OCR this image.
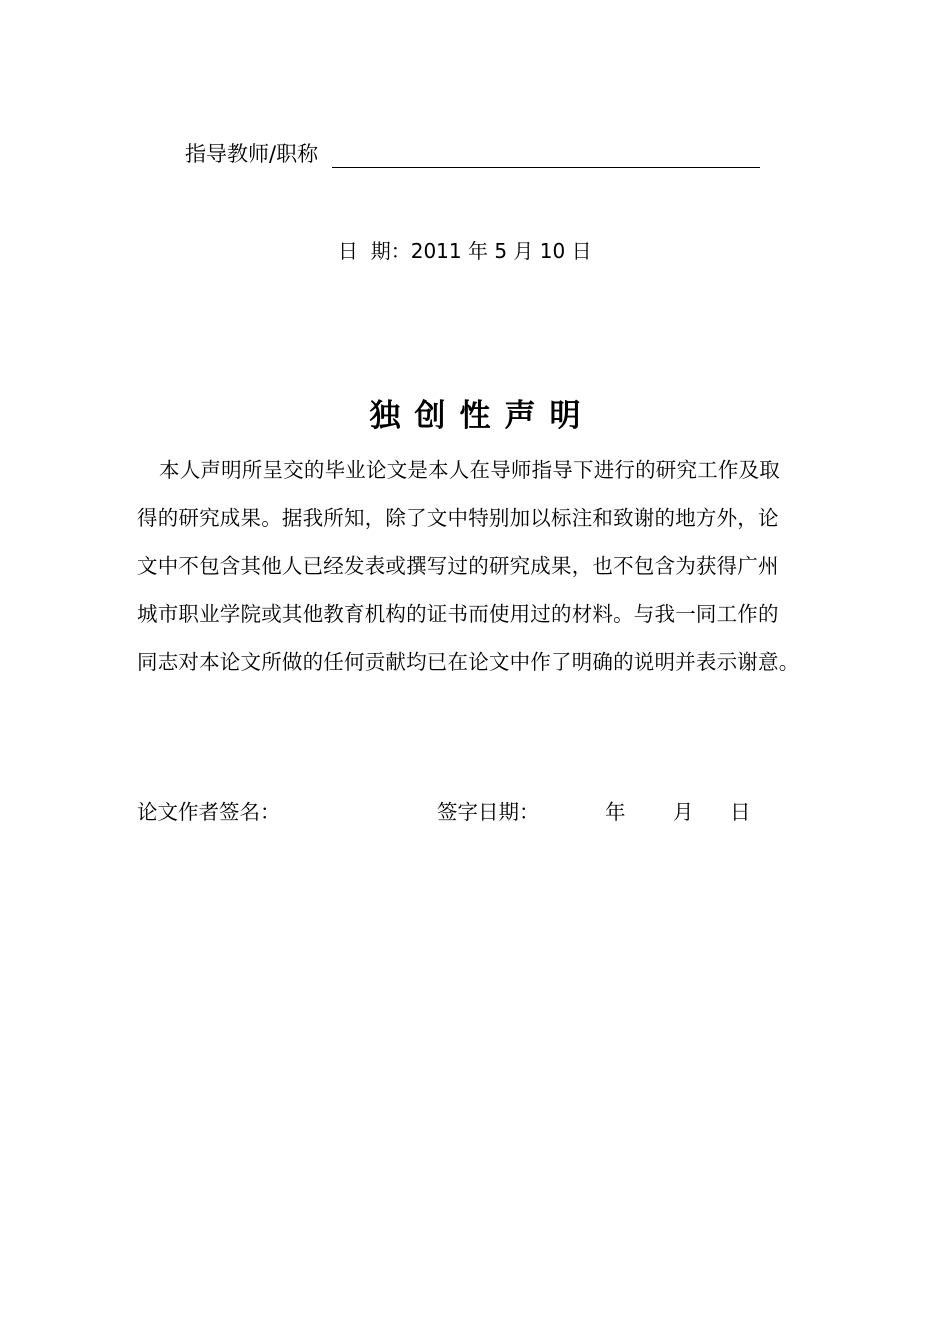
指导教师/职称
日  期：2011 年 5 月 10 日
独创性声明
本人声明所呈交的毕业论文是本人在导师指导下进行的研究工作及取
得的研究成果。据我所知，除了文中特别加以标注和致谢的地方外，论
文中不包含其他人已经发表或撰写过的研究成果，也不包含为获得广州
城市职业学院或其他教育机构的证书而使用过的材料。与我一同工作的
同志对本论文所做的任何贡献均已在论文中作了明确的说明并表示谢意。
论文作者签名：	签字日期：	年 月 日
